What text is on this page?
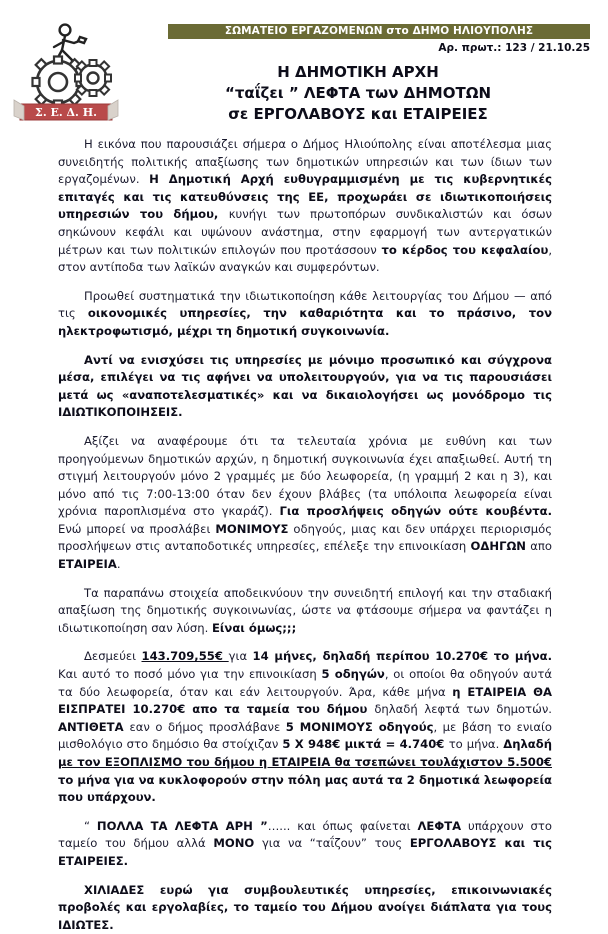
Σ. Ε. Δ. Η.
ΣΩΜΑΤΕΙΟ ΕΡΓΑΖΟΜΕΝΩΝ στο ΔΗΜΟ ΗΛΙΟΥΠΟΛΗΣ
Αρ. πρωτ.: 123 / 21.10.25
Η ΔΗΜΟΤΙΚΗ ΑΡΧΗ
“ταΐζει ” ΛΕΦΤΑ των ΔΗΜΟΤΩΝ
σε ΕΡΓΟΛΑΒΟΥΣ και ΕΤΑΙΡΕΙΕΣ

Η εικόνα που παρουσιάζει σήμερα ο Δήμος Ηλιούπολης είναι αποτέλεσμα μιας συνειδητής πολιτικής απαξίωσης των δημοτικών υπηρεσιών και των ίδιων των εργαζομένων. Η Δημοτική Αρχή ευθυγραμμισμένη με τις κυβερνητικές επιταγές και τις κατευθύνσεις της ΕΕ, προχωράει σε ιδιωτικοποιήσεις υπηρεσιών του δήμου, κυνήγι των πρωτοπόρων συνδικαλιστών και όσων σηκώνουν κεφάλι και υψώνουν ανάστημα, στην εφαρμογή των αντεργατικών μέτρων και των πολιτικών επιλογών που προτάσσουν το κέρδος του κεφαλαίου, στον αντίποδα των λαϊκών αναγκών και συμφερόντων.

Προωθεί συστηματικά την ιδιωτικοποίηση κάθε λειτουργίας του Δήμου — από τις οικονομικές υπηρεσίες, την καθαριότητα και το πράσινο, τον ηλεκτροφωτισμό, μέχρι τη δημοτική συγκοινωνία.

Αντί να ενισχύσει τις υπηρεσίες με μόνιμο προσωπικό και σύγχρονα μέσα, επιλέγει να τις αφήνει να υπολειτουργούν, για να τις παρουσιάσει μετά ως «αναποτελεσματικές» και να δικαιολογήσει ως μονόδρομο τις ΙΔΙΩΤΙΚΟΠΟΙΗΣΕΙΣ.

Αξίζει να αναφέρουμε ότι τα τελευταία χρόνια με ευθύνη και των προηγούμενων δημοτικών αρχών, η δημοτική συγκοινωνία έχει απαξιωθεί. Αυτή τη στιγμή λειτουργούν μόνο 2 γραμμές με δύο λεωφορεία, (η γραμμή 2 και η 3), και μόνο από τις 7:00-13:00 όταν δεν έχουν βλάβες (τα υπόλοιπα λεωφορεία είναι χρόνια παροπλισμένα στο γκαράζ). Για προσλήψεις οδηγών ούτε κουβέντα. Ενώ μπορεί να προσλάβει ΜΟΝΙΜΟΥΣ οδηγούς, μιας και δεν υπάρχει περιορισμός προσλήψεων στις ανταποδοτικές υπηρεσίες, επέλεξε την επινοικίαση ΟΔΗΓΩΝ απο ΕΤΑΙΡΕΙΑ.

Τα παραπάνω στοιχεία αποδεικνύουν την συνειδητή επιλογή και την σταδιακή απαξίωση της δημοτικής συγκοινωνίας, ώστε να φτάσουμε σήμερα να φαντάζει η ιδιωτικοποίηση σαν λύση. Είναι όμως;;;

Δεσμεύει 143.709,55€ για 14 μήνες, δηλαδή περίπου 10.270€ το μήνα. Και αυτό το ποσό μόνο για την επινοικίαση 5 οδηγών, οι οποίοι θα οδηγούν αυτά τα δύο λεωφορεία, όταν και εάν λειτουργούν. Άρα, κάθε μήνα η ΕΤΑΙΡΕΙΑ ΘΑ ΕΙΣΠΡΑΤΕΙ 10.270€ απο τα ταμεία του δήμου δηλαδή λεφτά των δημοτών. ΑΝΤΙΘΕΤΑ εαν ο δήμος προσλάβανε 5 ΜΟΝΙΜΟΥΣ οδηγούς, με βάση το ενιαίο μισθολόγιο στο δημόσιο θα στοίχιζαν 5 Χ 948€ μικτά = 4.740€ το μήνα. Δηλαδή με τον ΕΞΟΠΛΙΣΜΟ του δήμου η ΕΤΑΙΡΕΙΑ θα τσεπώνει τουλάχιστον 5.500€ το μήνα για να κυκλοφορούν στην πόλη μας αυτά τα 2 δημοτικά λεωφορεία που υπάρχουν.

“ ΠΟΛΛΑ ΤΑ ΛΕΦΤΑ ΑΡΗ ”…... και όπως φαίνεται ΛΕΦΤΑ υπάρχουν στο ταμείο του δήμου αλλά ΜΟΝΟ για να “ταΐζουν” τους ΕΡΓΟΛΑΒΟΥΣ και τις ΕΤΑΙΡΕΙΕΣ.

ΧΙΛΙΑΔΕΣ ευρώ για συμβουλευτικές υπηρεσίες, επικοινωνιακές προβολές και εργολαβίες, το ταμείο του Δήμου ανοίγει διάπλατα για τους ΙΔΙΩΤΕΣ.
